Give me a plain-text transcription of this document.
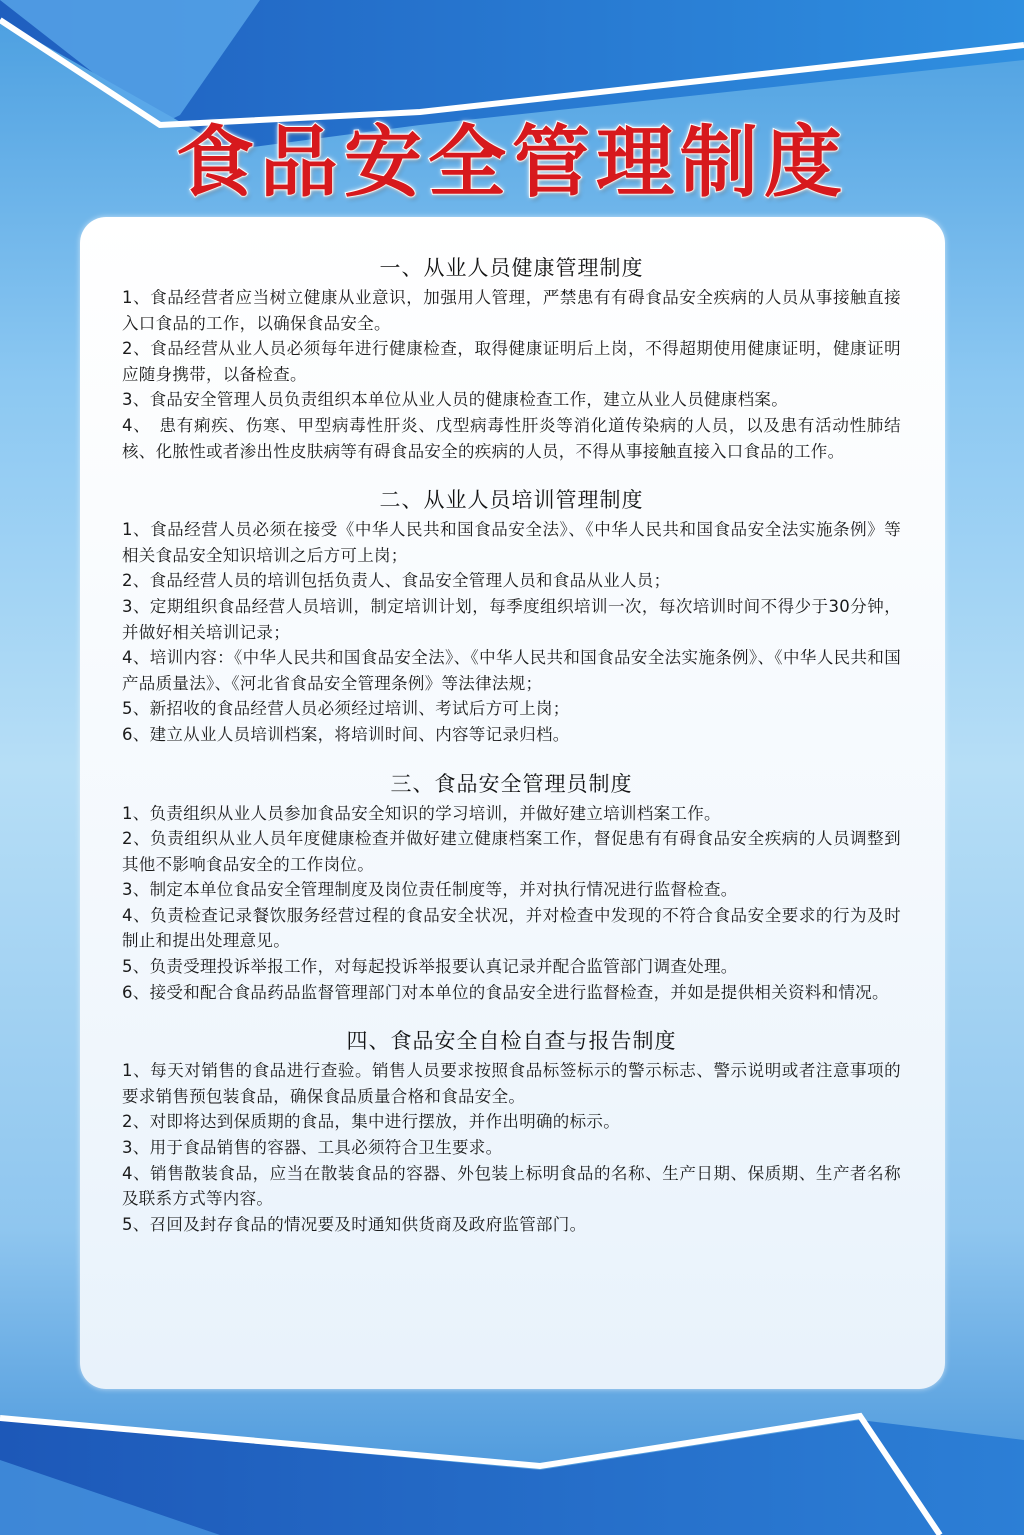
食品安全管理制度
一、从业人员健康管理制度

1、食品经营者应当树立健康从业意识，加强用人管理，严禁患有有碍食品安全疾病的人员从事接触直接入口食品的工作，以确保食品安全。

2、食品经营从业人员必须每年进行健康检查，取得健康证明后上岗，不得超期使用健康证明，健康证明应随身携带，以备检查。

3、食品安全管理人员负责组织本单位从业人员的健康检查工作，建立从业人员健康档案。

4、　患有痢疾、伤寒、甲型病毒性肝炎、戊型病毒性肝炎等消化道传染病的人员，以及患有活动性肺结核、化脓性或者渗出性皮肤病等有碍食品安全的疾病的人员，不得从事接触直接入口食品的工作。

二、从业人员培训管理制度

1、食品经营人员必须在接受《中华人民共和国食品安全法》、《中华人民共和国食品安全法实施条例》等相关食品安全知识培训之后方可上岗；

2、食品经营人员的培训包括负责人、食品安全管理人员和食品从业人员；

3、定期组织食品经营人员培训，制定培训计划，每季度组织培训一次，每次培训时间不得少于30分钟，并做好相关培训记录；

4、培训内容：《中华人民共和国食品安全法》、《中华人民共和国食品安全法实施条例》、《中华人民共和国产品质量法》、《河北省食品安全管理条例》等法律法规；

5、新招收的食品经营人员必须经过培训、考试后方可上岗；

6、建立从业人员培训档案，将培训时间、内容等记录归档。

三、食品安全管理员制度

1、负责组织从业人员参加食品安全知识的学习培训，并做好建立培训档案工作。

2、负责组织从业人员年度健康检查并做好建立健康档案工作，督促患有有碍食品安全疾病的人员调整到其他不影响食品安全的工作岗位。

3、制定本单位食品安全管理制度及岗位责任制度等，并对执行情况进行监督检查。

4、负责检查记录餐饮服务经营过程的食品安全状况，并对检查中发现的不符合食品安全要求的行为及时制止和提出处理意见。

5、负责受理投诉举报工作，对每起投诉举报要认真记录并配合监管部门调查处理。

6、接受和配合食品药品监督管理部门对本单位的食品安全进行监督检查，并如是提供相关资料和情况。

四、食品安全自检自查与报告制度

1、每天对销售的食品进行查验。销售人员要求按照食品标签标示的警示标志、警示说明或者注意事项的要求销售预包装食品，确保食品质量合格和食品安全。

2、对即将达到保质期的食品，集中进行摆放，并作出明确的标示。

3、用于食品销售的容器、工具必须符合卫生要求。

4、销售散装食品，应当在散装食品的容器、外包装上标明食品的名称、生产日期、保质期、生产者名称及联系方式等内容。

5、召回及封存食品的情况要及时通知供货商及政府监管部门。
